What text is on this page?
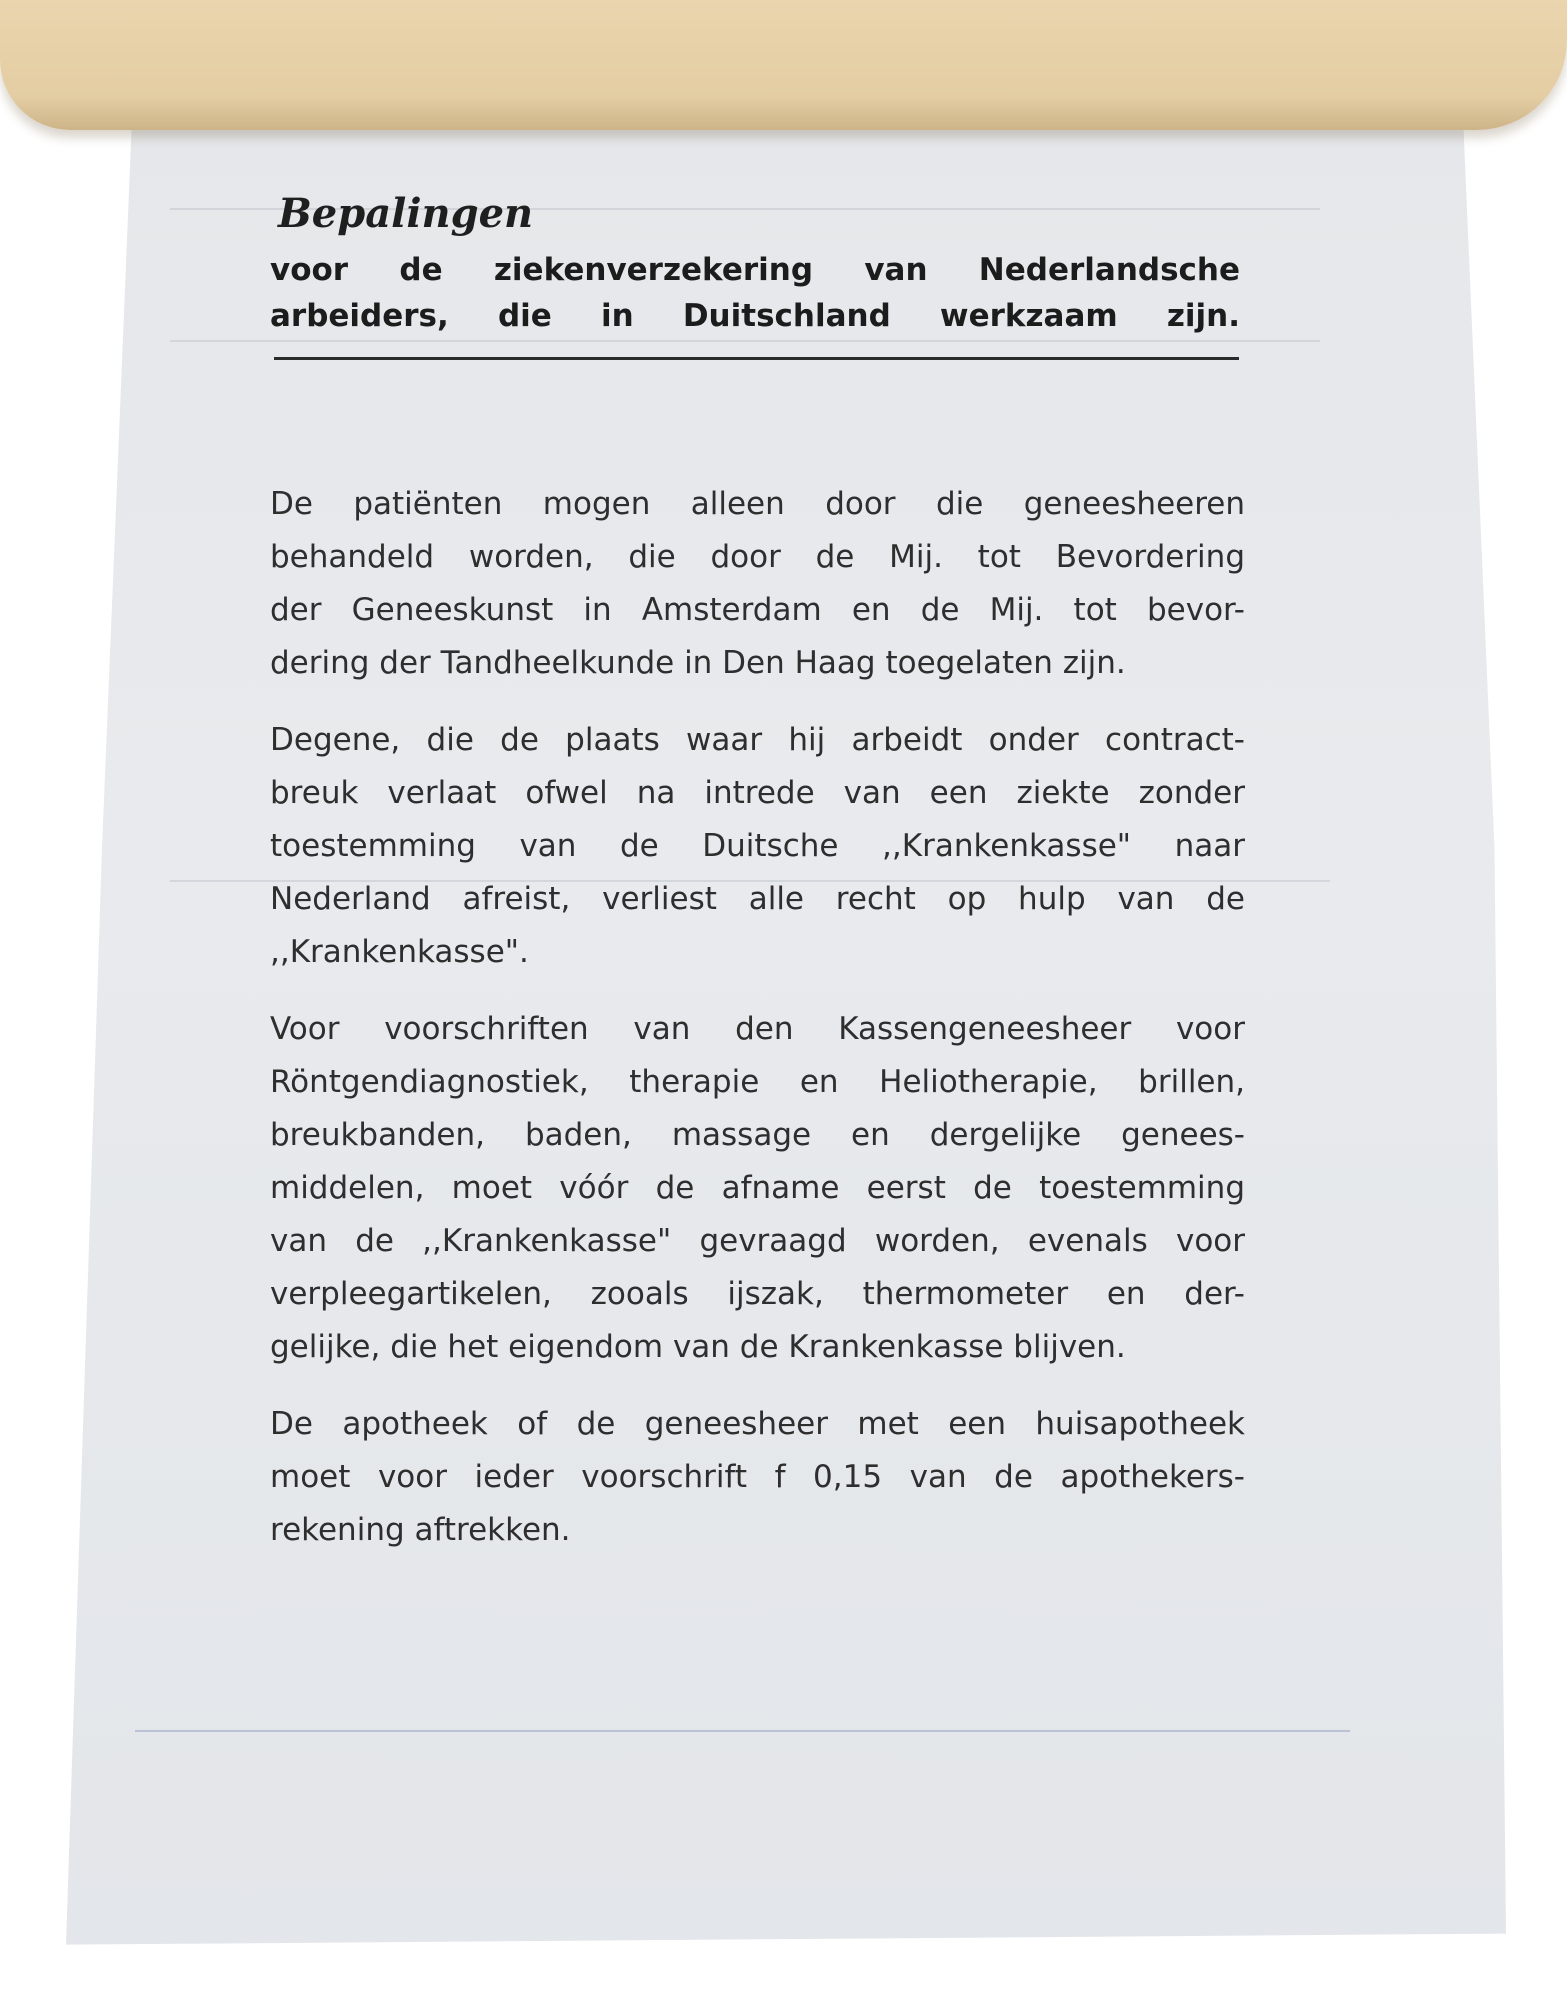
Bepalingen
voor de ziekenverzekering van Nederlandsche
arbeiders, die in Duitschland werkzaam zijn.

De patiënten mogen alleen door die geneesheeren
behandeld worden, die door de Mij. tot Bevordering
der Geneeskunst in Amsterdam en de Mij. tot bevor-
dering der Tandheelkunde in Den Haag toegelaten zijn.

Degene, die de plaats waar hij arbeidt onder contract-
breuk verlaat ofwel na intrede van een ziekte zonder
toestemming van de Duitsche ,,Krankenkasse" naar
Nederland afreist, verliest alle recht op hulp van de
,,Krankenkasse".

Voor voorschriften van den Kassengeneesheer voor
Röntgendiagnostiek, therapie en Heliotherapie, brillen,
breukbanden, baden, massage en dergelijke genees-
middelen, moet vóór de afname eerst de toestemming
van de ,,Krankenkasse" gevraagd worden, evenals voor
verpleegartikelen, zooals ijszak, thermometer en der-
gelijke, die het eigendom van de Krankenkasse blijven.

De apotheek of de geneesheer met een huisapotheek
moet voor ieder voorschrift f 0,15 van de apothekers-
rekening aftrekken.
